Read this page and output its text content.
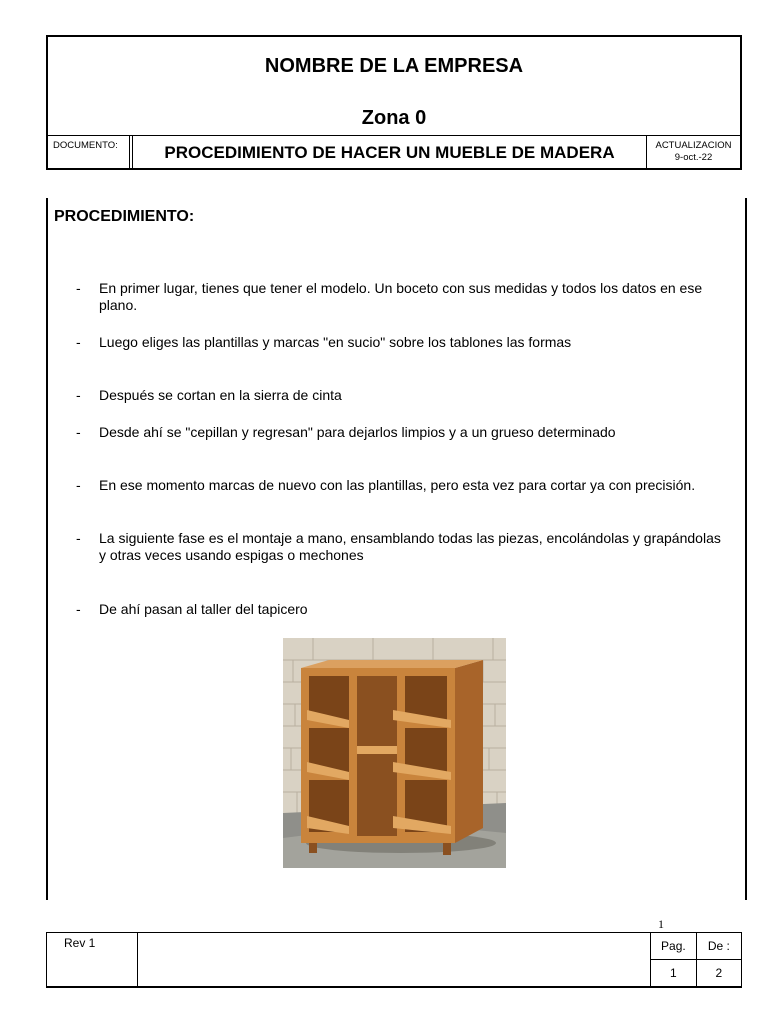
NOMBRE DE LA EMPRESA
Zona 0
DOCUMENTO:	PROCEDIMIENTO DE HACER UN MUEBLE DE MADERA	ACTUALIZACION
9-oct.-22
PROCEDIMIENTO:
- En primer lugar, tienes que tener el modelo. Un boceto con sus medidas y todos los datos en ese plano.
- Luego eliges las plantillas y marcas "en sucio" sobre los tablones las formas
- Después se cortan en la sierra de cinta
- Desde ahí se "cepillan y regresan" para dejarlos limpios y a un grueso determinado
- En ese momento marcas de nuevo con las plantillas, pero esta vez para cortar ya con precisión.
- La siguiente fase es el montaje a mano, ensamblando todas las piezas, encolándolas y grapándolas y otras veces usando espigas o mechones
- De ahí pasan al taller del tapicero
1
Rev 1	Pag.	De :
1	2
